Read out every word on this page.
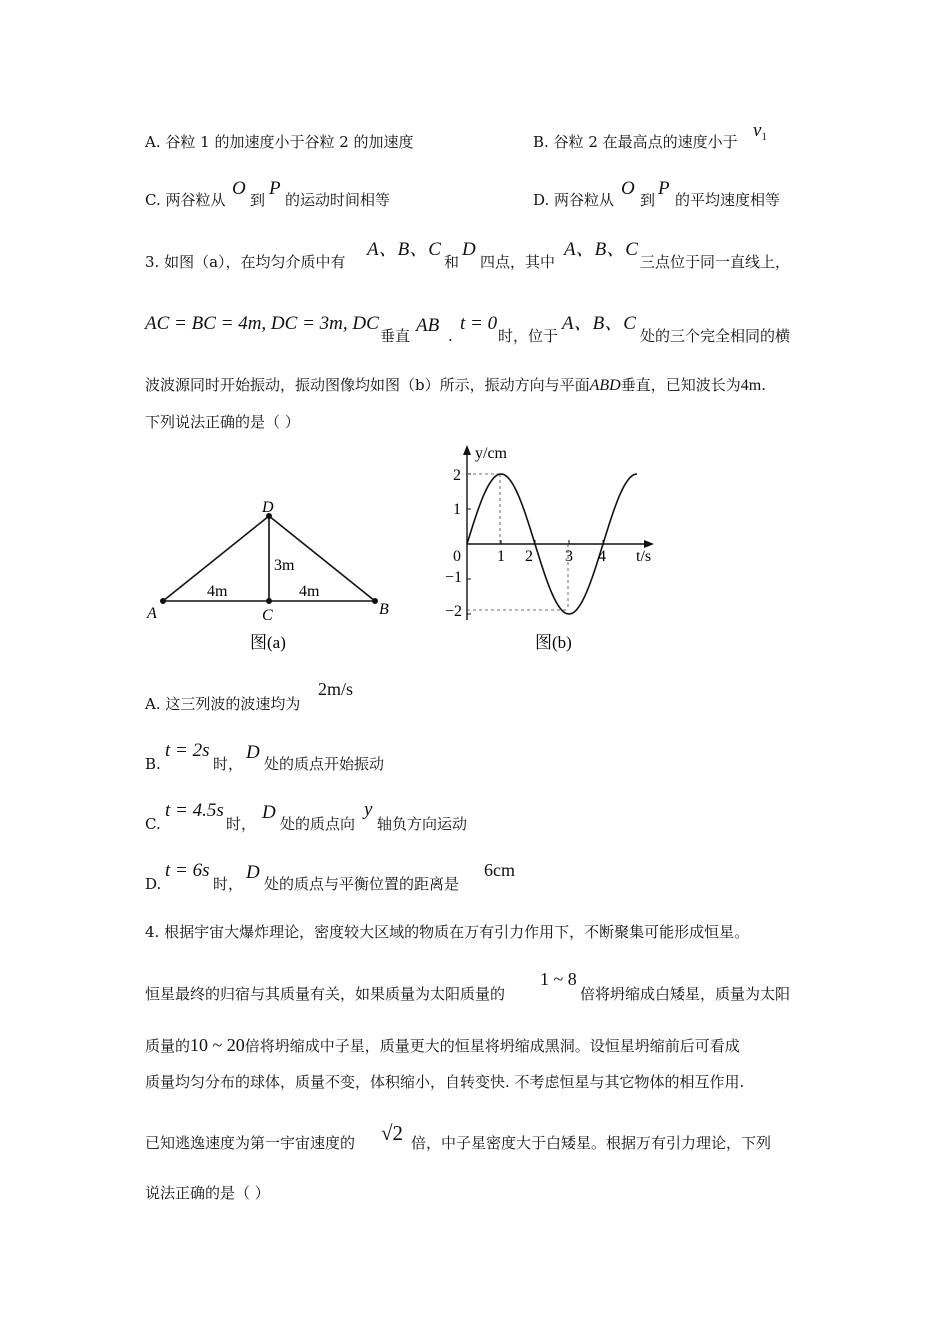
A. 谷粒 1 的加速度小于谷粒 2 的加速度	B. 谷粒 2 在最高点的速度小于
$v_1$
C. 两谷粒从
O
到
P
的运动时间相等	D. 两谷粒从
O
到
P
的平均速度相等
3. 如图（a），在均匀介质中有
A、B、C
和
D
四点，其中
A、B、C
三点位于同一直线上，
AC = BC = 4m, DC = 3m, DC
垂直 AB .
t = 0
时，位于
A、B、C
处的三个完全相同的横
波波源同时开始振动，振动图像均如图（b）所示，振动方向与平面ABD垂直，已知波长为4m.
下列说法正确的是（ ）
A	B
C
D
3m
4m	4m
图(a)
y/cm
t/s
0 1 2 3 4
2
1
−1
−2
图(b)
A. 这三列波的波速均为
2m/s
B.
t = 2s
时，
D
处的质点开始振动
C.
t = 4.5s
时，
D
处的质点向
y
轴负方向运动
D.
t = 6s
时，
D
处的质点与平衡位置的距离是
6cm
4. 根据宇宙大爆炸理论，密度较大区域的物质在万有引力作用下，不断聚集可能形成恒星。
恒星最终的归宿与其质量有关，如果质量为太阳质量的
1 ~ 8
倍将坍缩成白矮星，质量为太阳
质量的10 ~ 20倍将坍缩成中子星，质量更大的恒星将坍缩成黑洞。设恒星坍缩前后可看成
质量均匀分布的球体，质量不变，体积缩小，自转变快. 不考虑恒星与其它物体的相互作用.
已知逃逸速度为第一宇宙速度的 √2 倍，中子星密度大于白矮星。根据万有引力理论，下列
说法正确的是（ ）
